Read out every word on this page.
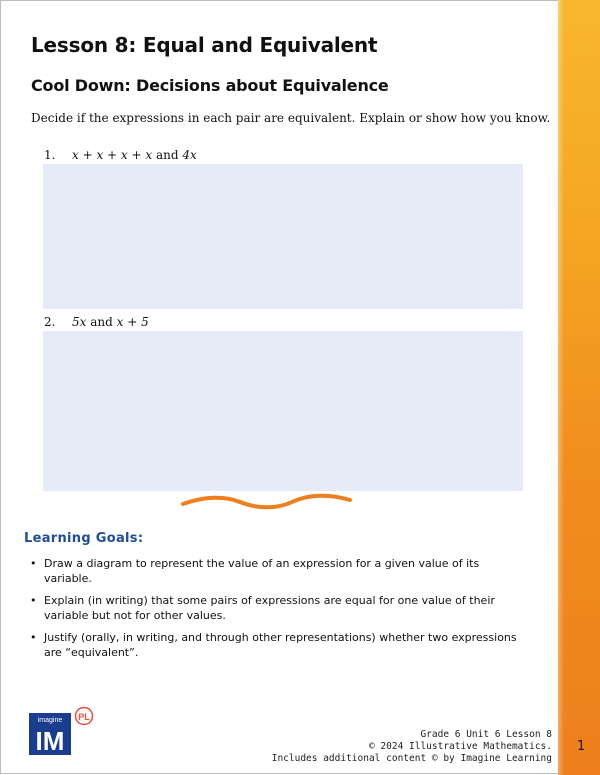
Lesson 8: Equal and Equivalent
Cool Down: Decisions about Equivalence

Decide if the expressions in each pair are equivalent. Explain or show how you know.

1. x + x + x + x and 4x
2. 5x and x + 5
Learning Goals:
• Draw a diagram to represent the value of an expression for a given value of its variable.
• Explain (in writing) that some pairs of expressions are equal for one value of their variable but not for other values.
• Justify (orally, in writing, and through other representations) whether two expressions are “equivalent”.
imagine
IM
PL
Grade 6 Unit 6 Lesson 8
© 2024 Illustrative Mathematics.
Includes additional content © by Imagine Learning
1
